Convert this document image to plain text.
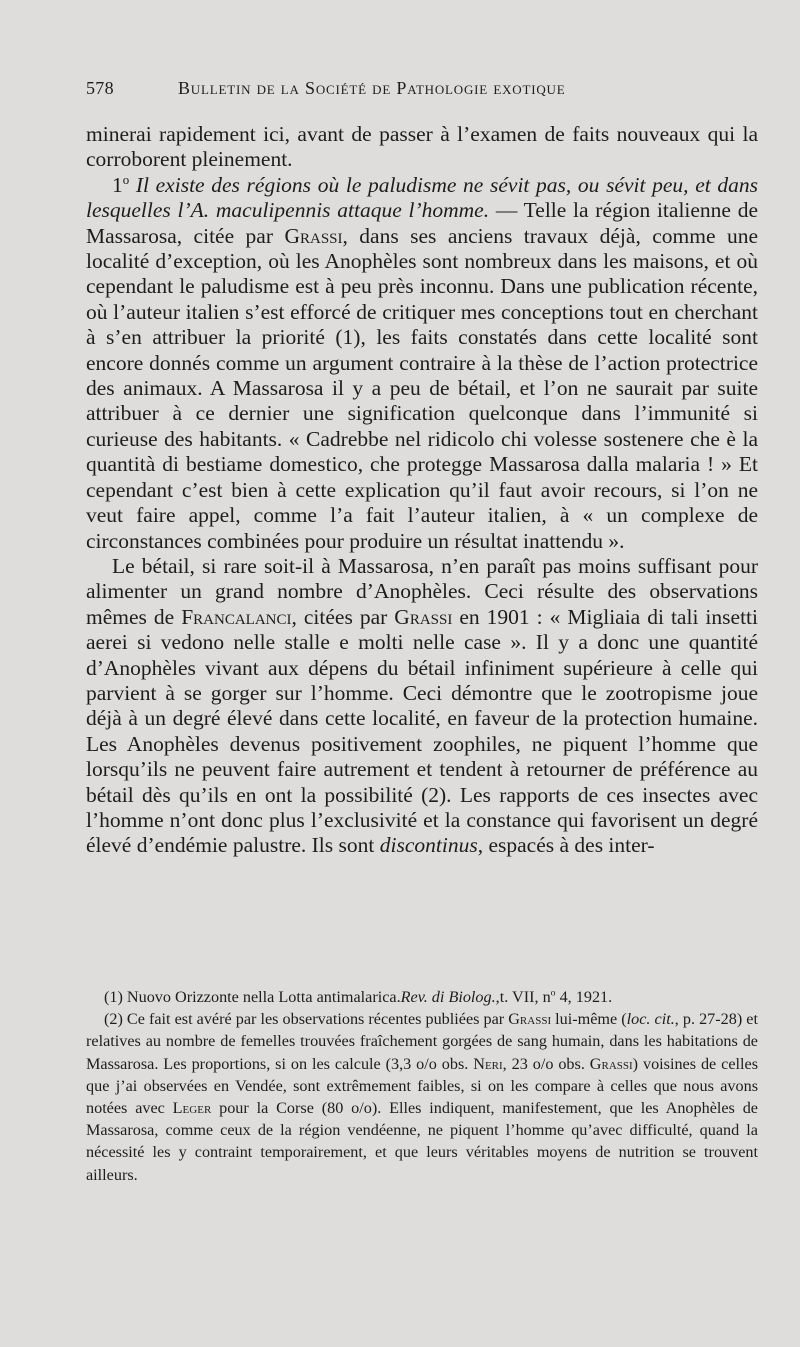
578	Bulletin de la Société de Pathologie exotique

minerai rapidement ici, avant de passer à l’examen de faits nouveaux qui la corroborent pleinement.

1$^o$ Il existe des régions où le paludisme ne sévit pas, ou sévit peu, et dans lesquelles l’A. maculipennis attaque l’homme. — Telle la région italienne de Massarosa, citée par Grassi, dans ses anciens travaux déjà, comme une localité d’exception, où les Anophèles sont nombreux dans les maisons, et où cependant le paludisme est à peu près inconnu. Dans une publication récente, où l’auteur italien s’est efforcé de critiquer mes conceptions tout en cherchant à s’en attribuer la priorité (1), les faits constatés dans cette localité sont encore donnés comme un argument contraire à la thèse de l’action protectrice des animaux. A Massarosa il y a peu de bétail, et l’on ne saurait par suite attribuer à ce dernier une signification quelconque dans l’immunité si curieuse des habitants. « Cadrebbe nel ridicolo chi volesse sostenere che è la quantità di bestiame domestico, che protegge Massarosa dalla malaria ! » Et cependant c’est bien à cette explication qu’il faut avoir recours, si l’on ne veut faire appel, comme l’a fait l’auteur italien, à « un complexe de circonstances combinées pour produire un résultat inattendu ».

Le bétail, si rare soit-il à Massarosa, n’en paraît pas moins suffisant pour alimenter un grand nombre d’Anophèles. Ceci résulte des observations mêmes de Francalanci, citées par Grassi en 1901 : « Migliaia di tali insetti aerei si vedono nelle stalle e molti nelle case ». Il y a donc une quantité d’Anophèles vivant aux dépens du bétail infiniment supérieure à celle qui parvient à se gorger sur l’homme. Ceci démontre que le zootropisme joue déjà à un degré élevé dans cette localité, en faveur de la protection humaine. Les Anophèles devenus positivement zoophiles, ne piquent l’homme que lorsqu’ils ne peuvent faire autrement et tendent à retourner de préférence au bétail dès qu’ils en ont la possibilité (2). Les rapports de ces insectes avec l’homme n’ont donc plus l’exclusivité et la constance qui favorisent un degré élevé d’endémie palustre. Ils sont discontinus, espacés à des inter-

(1) Nuovo Orizzonte nella Lotta antimalarica.Rev. di Biolog.,t. VII, $n^o$ 4, 1921.

(2) Ce fait est avéré par les observations récentes publiées par Grassi lui-même (loc. cit., p. 27-28) et relatives au nombre de femelles trouvées fraîchement gorgées de sang humain, dans les habitations de Massarosa. Les proportions, si on les calcule (3,3 o/o obs. Neri, 23 o/o obs. Grassi) voisines de celles que j’ai observées en Vendée, sont extrêmement faibles, si on les compare à celles que nous avons notées avec Leger pour la Corse (80 o/o). Elles indiquent, manifestement, que les Anophèles de Massarosa, comme ceux de la région vendéenne, ne piquent l’homme qu’avec difficulté, quand la nécessité les y contraint temporairement, et que leurs véritables moyens de nutrition se trouvent ailleurs.
